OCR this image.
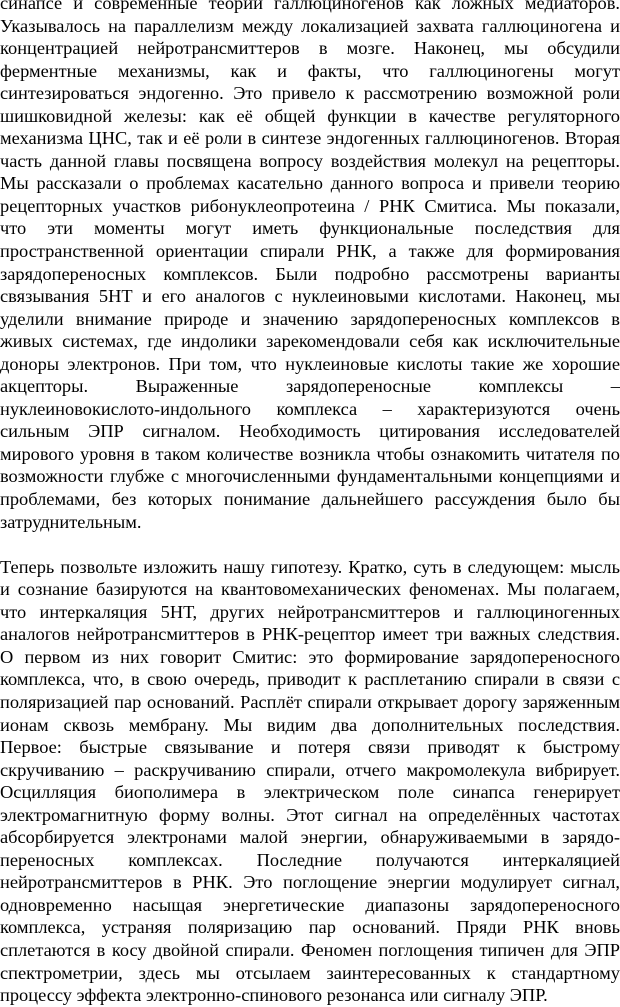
синапсе и современные теории галлюциногенов как ложных медиаторов.
Указывалось на параллелизм между локализацией захвата галлюциногена и
концентрацией нейротрансмиттеров в мозге. Наконец, мы обсудили
ферментные механизмы, как и факты, что галлюциногены могут
синтезироваться эндогенно. Это привело к рассмотрению возможной роли
шишковидной железы: как её общей функции в качестве регуляторного
механизма ЦНС, так и её роли в синтезе эндогенных галлюциногенов. Вторая
часть данной главы посвящена вопросу воздействия молекул на рецепторы.
Мы рассказали о проблемах касательно данного вопроса и привели теорию
рецепторных участков рибонуклеопротеина / РНК Смитиса. Мы показали,
что эти моменты могут иметь функциональные последствия для
пространственной ориентации спирали РНК, а также для формирования
зарядопереносных комплексов. Были подробно рассмотрены варианты
связывания 5НТ и его аналогов с нуклеиновыми кислотами. Наконец, мы
уделили внимание природе и значению зарядопереносных комплексов в
живых системах, где индолики зарекомендовали себя как исключительные
доноры электронов. При том, что нуклеиновые кислоты такие же хорошие
акцепторы. Выраженные зарядопереносные комплексы –
нуклеиновокислото-индольного комплекса – характеризуются очень
сильным ЭПР сигналом. Необходимость цитирования исследователей
мирового уровня в таком количестве возникла чтобы ознакомить читателя по
возможности глубже с многочисленными фундаментальными концепциями и
проблемами, без которых понимание дальнейшего рассуждения было бы
затруднительным.
Теперь позвольте изложить нашу гипотезу. Кратко, суть в следующем: мысль
и сознание базируются на квантовомеханических феноменах. Мы полагаем,
что интеркаляция 5НТ, других нейротрансмиттеров и галлюциногенных
аналогов нейротрансмиттеров в РНК-рецептор имеет три важных следствия.
О первом из них говорит Смитис: это формирование зарядопереносного
комплекса, что, в свою очередь, приводит к расплетанию спирали в связи с
поляризацией пар оснований. Расплёт спирали открывает дорогу заряженным
ионам сквозь мембрану. Мы видим два дополнительных последствия.
Первое: быстрые связывание и потеря связи приводят к быстрому
скручиванию – раскручиванию спирали, отчего макромолекула вибрирует.
Осцилляция биополимера в электрическом поле синапса генерирует
электромагнитную форму волны. Этот сигнал на определённых частотах
абсорбируется электронами малой энергии, обнаруживаемыми в зарядо-
переносных комплексах. Последние получаются интеркаляцией
нейротрансмиттеров в РНК. Это поглощение энергии модулирует сигнал,
одновременно насыщая энергетические диапазоны зарядопереносного
комплекса, устраняя поляризацию пар оснований. Пряди РНК вновь
сплетаются в косу двойной спирали. Феномен поглощения типичен для ЭПР
спектрометрии, здесь мы отсылаем заинтересованных к стандартному
процессу эффекта электронно-спинового резонанса или сигналу ЭПР.
